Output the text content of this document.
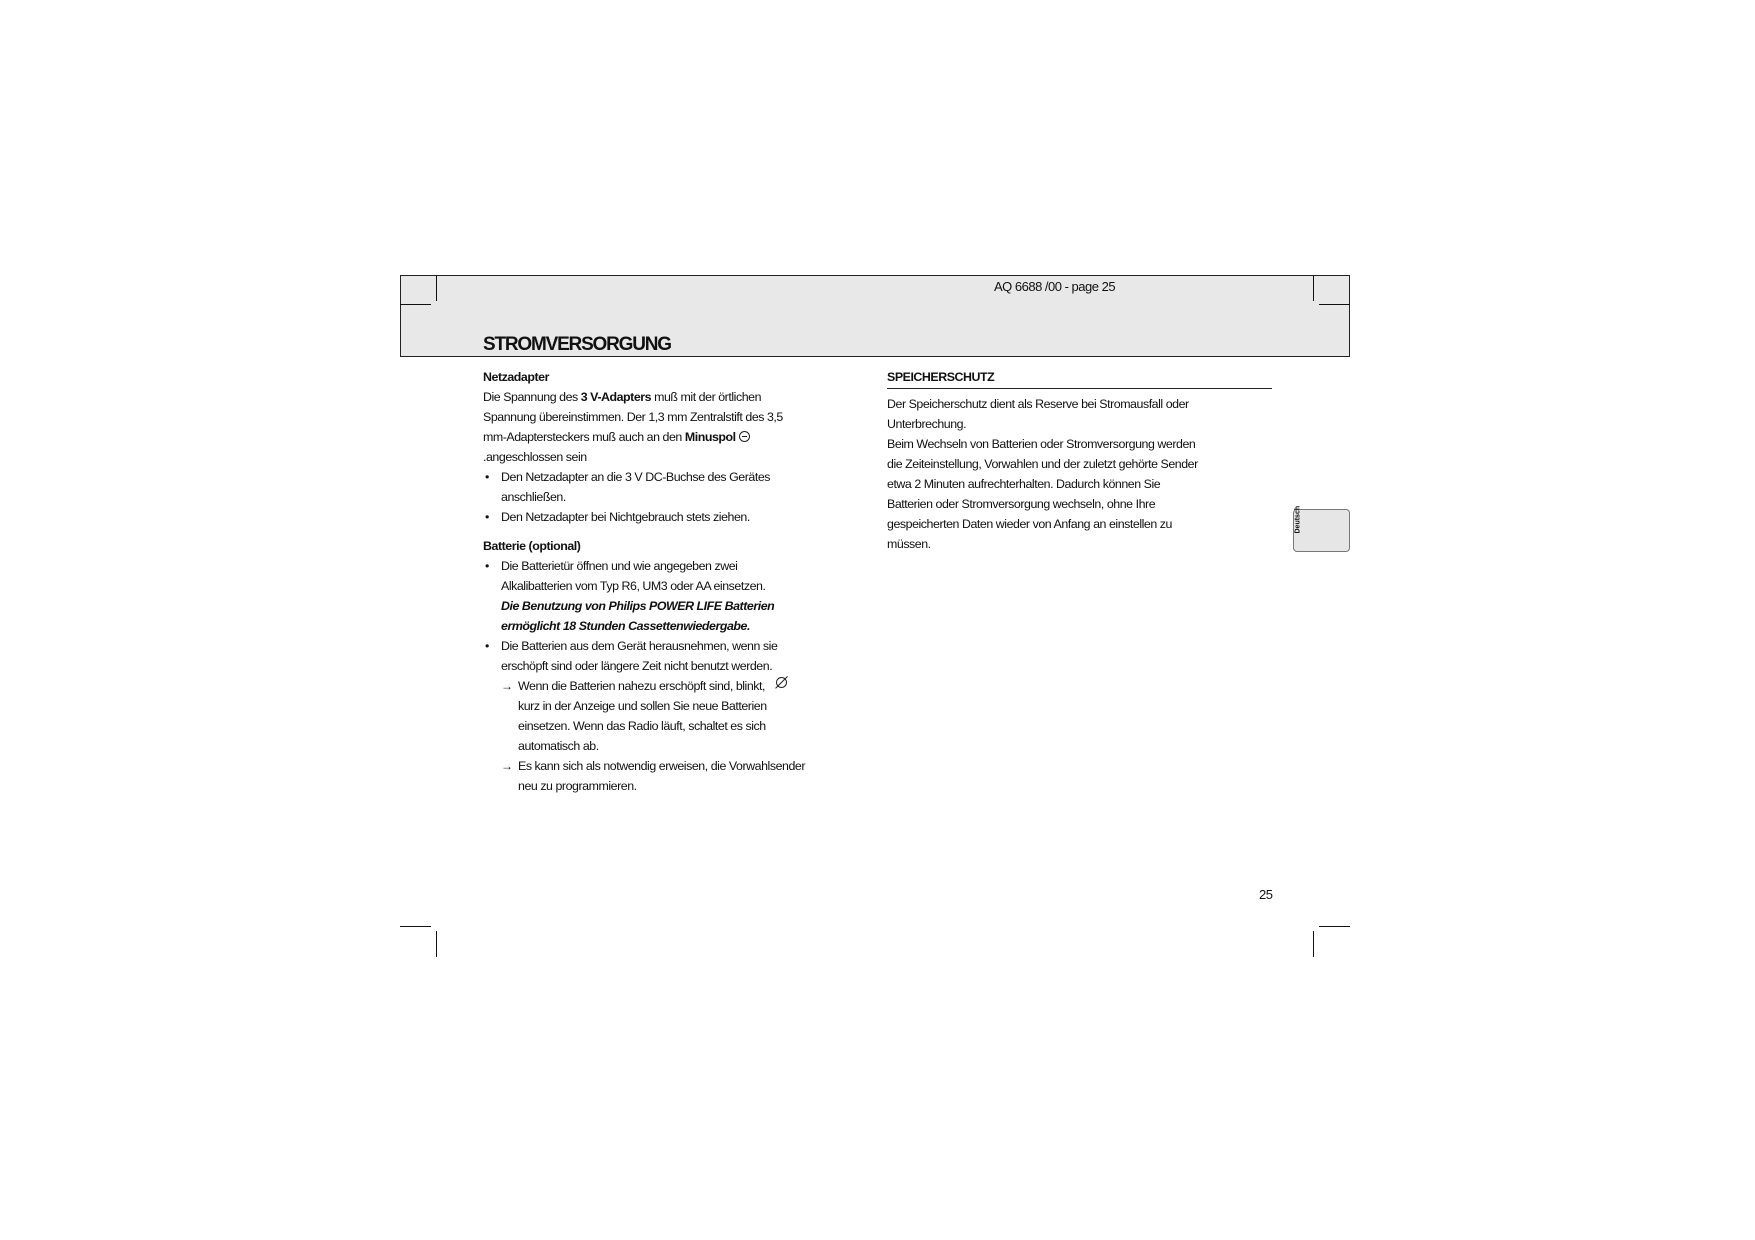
AQ 6688 /00 - page 25
STROMVERSORGUNG

Netzadapter

Die Spannung des 3 V-Adapters muß mit der örtlichen

Spannung übereinstimmen. Der 1,3 mm Zentralstift des 3,5

mm-Adaptersteckers muß auch an den Minuspol

.angeschlossen sein

• Den Netzadapter an die 3 V DC-Buchse des Gerätes
anschließen.

• Den Netzadapter bei Nichtgebrauch stets ziehen.

Batterie (optional)

• Die Batterietür öffnen und wie angegeben zwei
Alkalibatterien vom Typ R6, UM3 oder AA einsetzen.
Die Benutzung von Philips POWER LIFE Batterien
ermöglicht 18 Stunden Cassettenwiedergabe.

• Die Batterien aus dem Gerät herausnehmen, wenn sie
erschöpft sind oder längere Zeit nicht benutzt werden.

→ Wenn die Batterien nahezu erschöpft sind, blinkt,

kurz in der Anzeige und sollen Sie neue Batterien
einsetzen. Wenn das Radio läuft, schaltet es sich
automatisch ab.

→ Es kann sich als notwendig erweisen, die Vorwahlsender
neu zu programmieren.

SPEICHERSCHUTZ

Der Speicherschutz dient als Reserve bei Stromausfall oder

Unterbrechung.

Beim Wechseln von Batterien oder Stromversorgung werden

die Zeiteinstellung, Vorwahlen und der zuletzt gehörte Sender

etwa 2 Minuten aufrechterhalten. Dadurch können Sie

Batterien oder Stromversorgung wechseln, ohne Ihre

gespeicherten Daten wieder von Anfang an einstellen zu

müssen.

Deutsch
25
